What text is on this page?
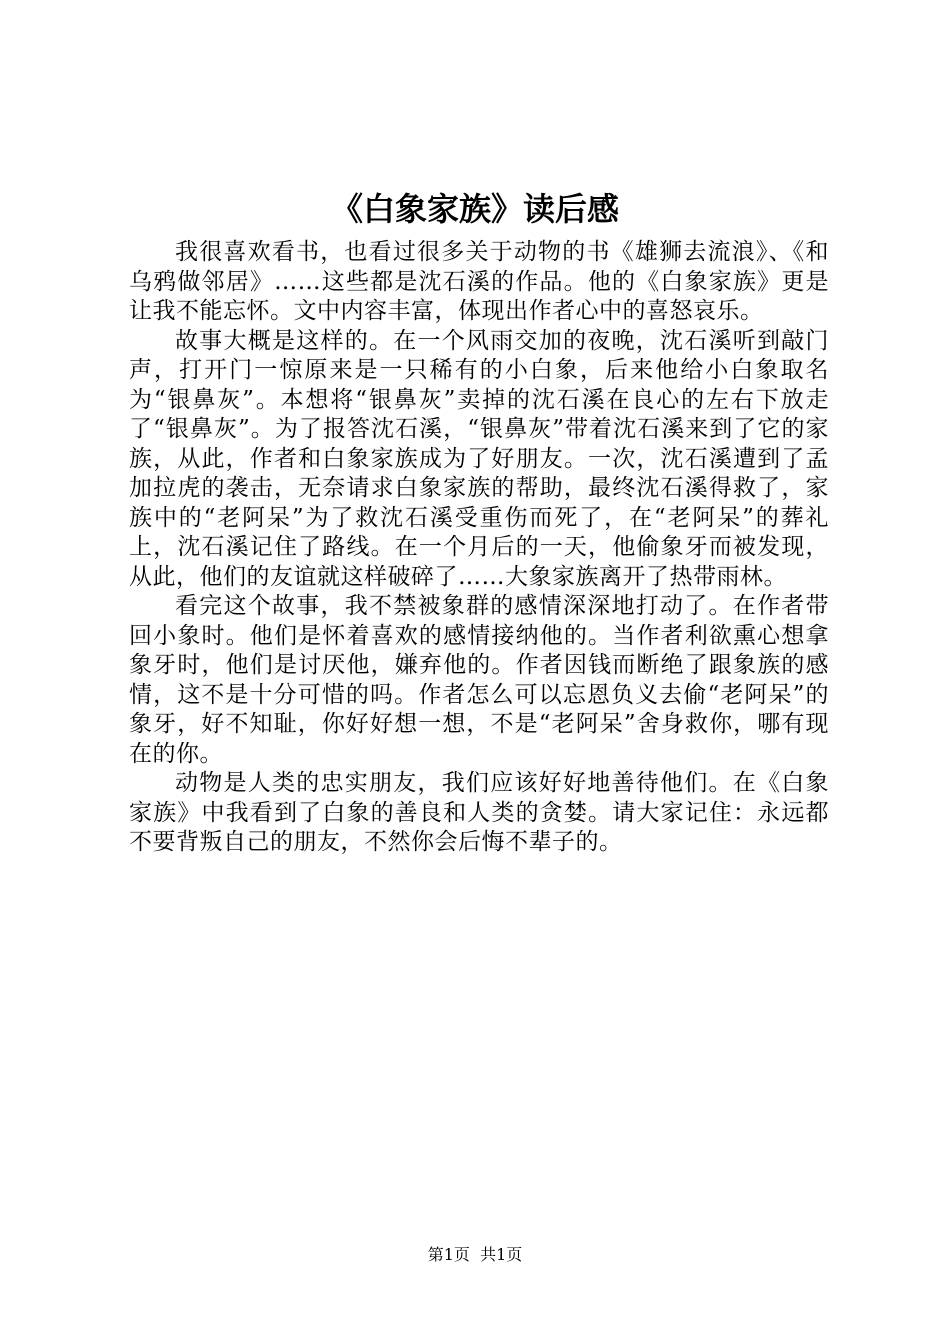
《白象家族》读后感

我很喜欢看书，也看过很多关于动物的书《雄狮去流浪》、《和乌鸦做邻居》……这些都是沈石溪的作品。他的《白象家族》更是让我不能忘怀。文中内容丰富，体现出作者心中的喜怒哀乐。

故事大概是这样的。在一个风雨交加的夜晚，沈石溪听到敲门声，打开门一惊原来是一只稀有的小白象，后来他给小白象取名为“银鼻灰”。本想将“银鼻灰”卖掉的沈石溪在良心的左右下放走了“银鼻灰”。为了报答沈石溪，“银鼻灰”带着沈石溪来到了它的家族，从此，作者和白象家族成为了好朋友。一次，沈石溪遭到了孟加拉虎的袭击，无奈请求白象家族的帮助，最终沈石溪得救了，家族中的“老阿呆”为了救沈石溪受重伤而死了，在“老阿呆”的葬礼上，沈石溪记住了路线。在一个月后的一天，他偷象牙而被发现，从此，他们的友谊就这样破碎了……大象家族离开了热带雨林。

看完这个故事，我不禁被象群的感情深深地打动了。在作者带回小象时。他们是怀着喜欢的感情接纳他的。当作者利欲熏心想拿象牙时，他们是讨厌他，嫌弃他的。作者因钱而断绝了跟象族的感情，这不是十分可惜的吗。作者怎么可以忘恩负义去偷“老阿呆”的象牙，好不知耻，你好好想一想，不是“老阿呆”舍身救你，哪有现在的你。

动物是人类的忠实朋友，我们应该好好地善待他们。在《白象家族》中我看到了白象的善良和人类的贪婪。请大家记住：永远都不要背叛自己的朋友，不然你会后悔不辈子的。

第1页 共1页
